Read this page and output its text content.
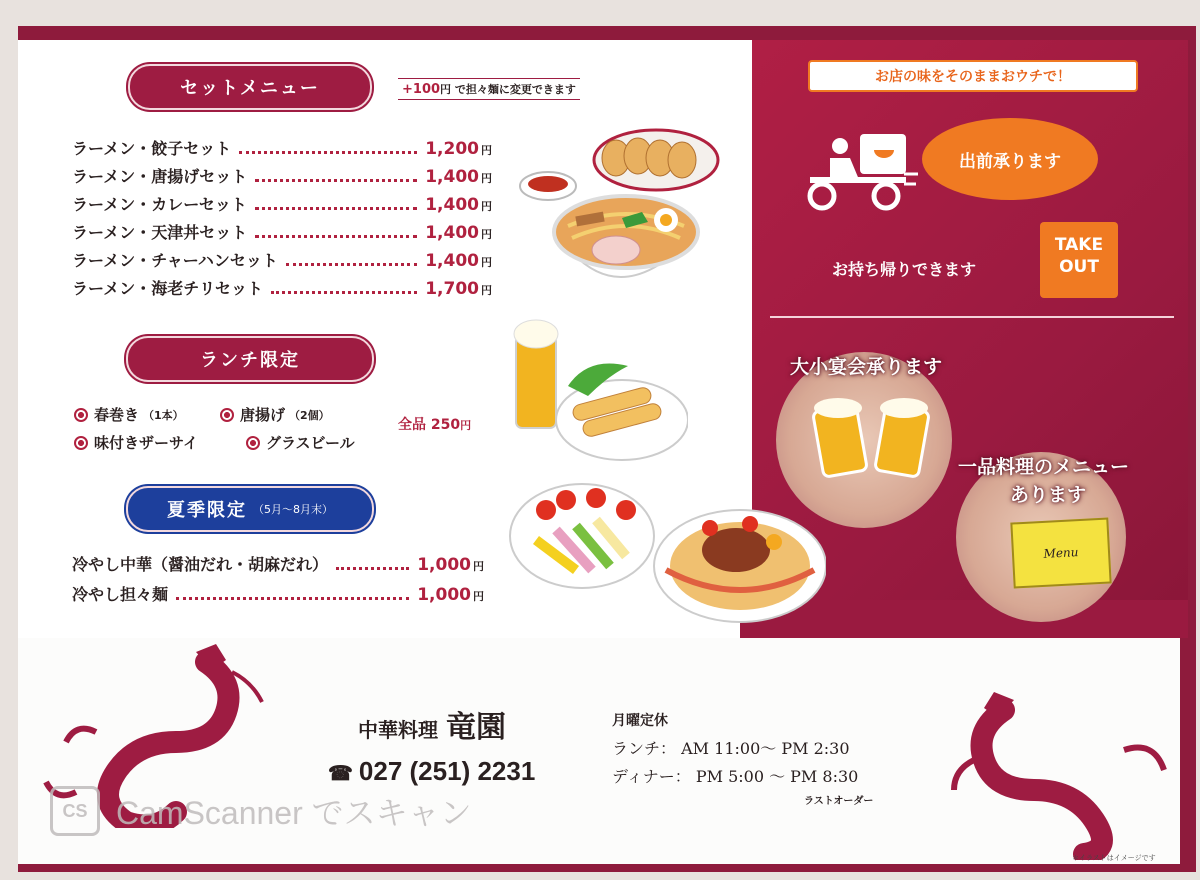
セットメニュー	+100円 で担々麺に変更できます
ラーメン・餃子セット	1,200 円
ラーメン・唐揚げセット	1,400 円
ラーメン・カレーセット	1,400 円
ラーメン・天津丼セット	1,400 円
ラーメン・チャーハンセット	1,400 円
ラーメン・海老チリセット	1,700 円
ランチ限定
春巻き （1本）	唐揚げ （2個）
味付きザーサイ	グラスビール
全品 250円
夏季限定 （5月〜8月末）
冷やし中華（醤油だれ・胡麻だれ）	1,000 円
冷やし担々麺	1,000 円
お店の味をそのままおウチで！
出前承ります
お持ち帰りできます
TAKE
OUT
大小宴会承ります
一品料理のメニュー
あります
Menu
中華料理 竜園
☎ 027 (251) 2231
月曜定休
ランチ： AM 11:00〜 PM 2:30
ディナー： PM 5:00 〜 PM 8:30
ラストオーダー
＊イラストはイメージです
CS CamScanner でスキャン
